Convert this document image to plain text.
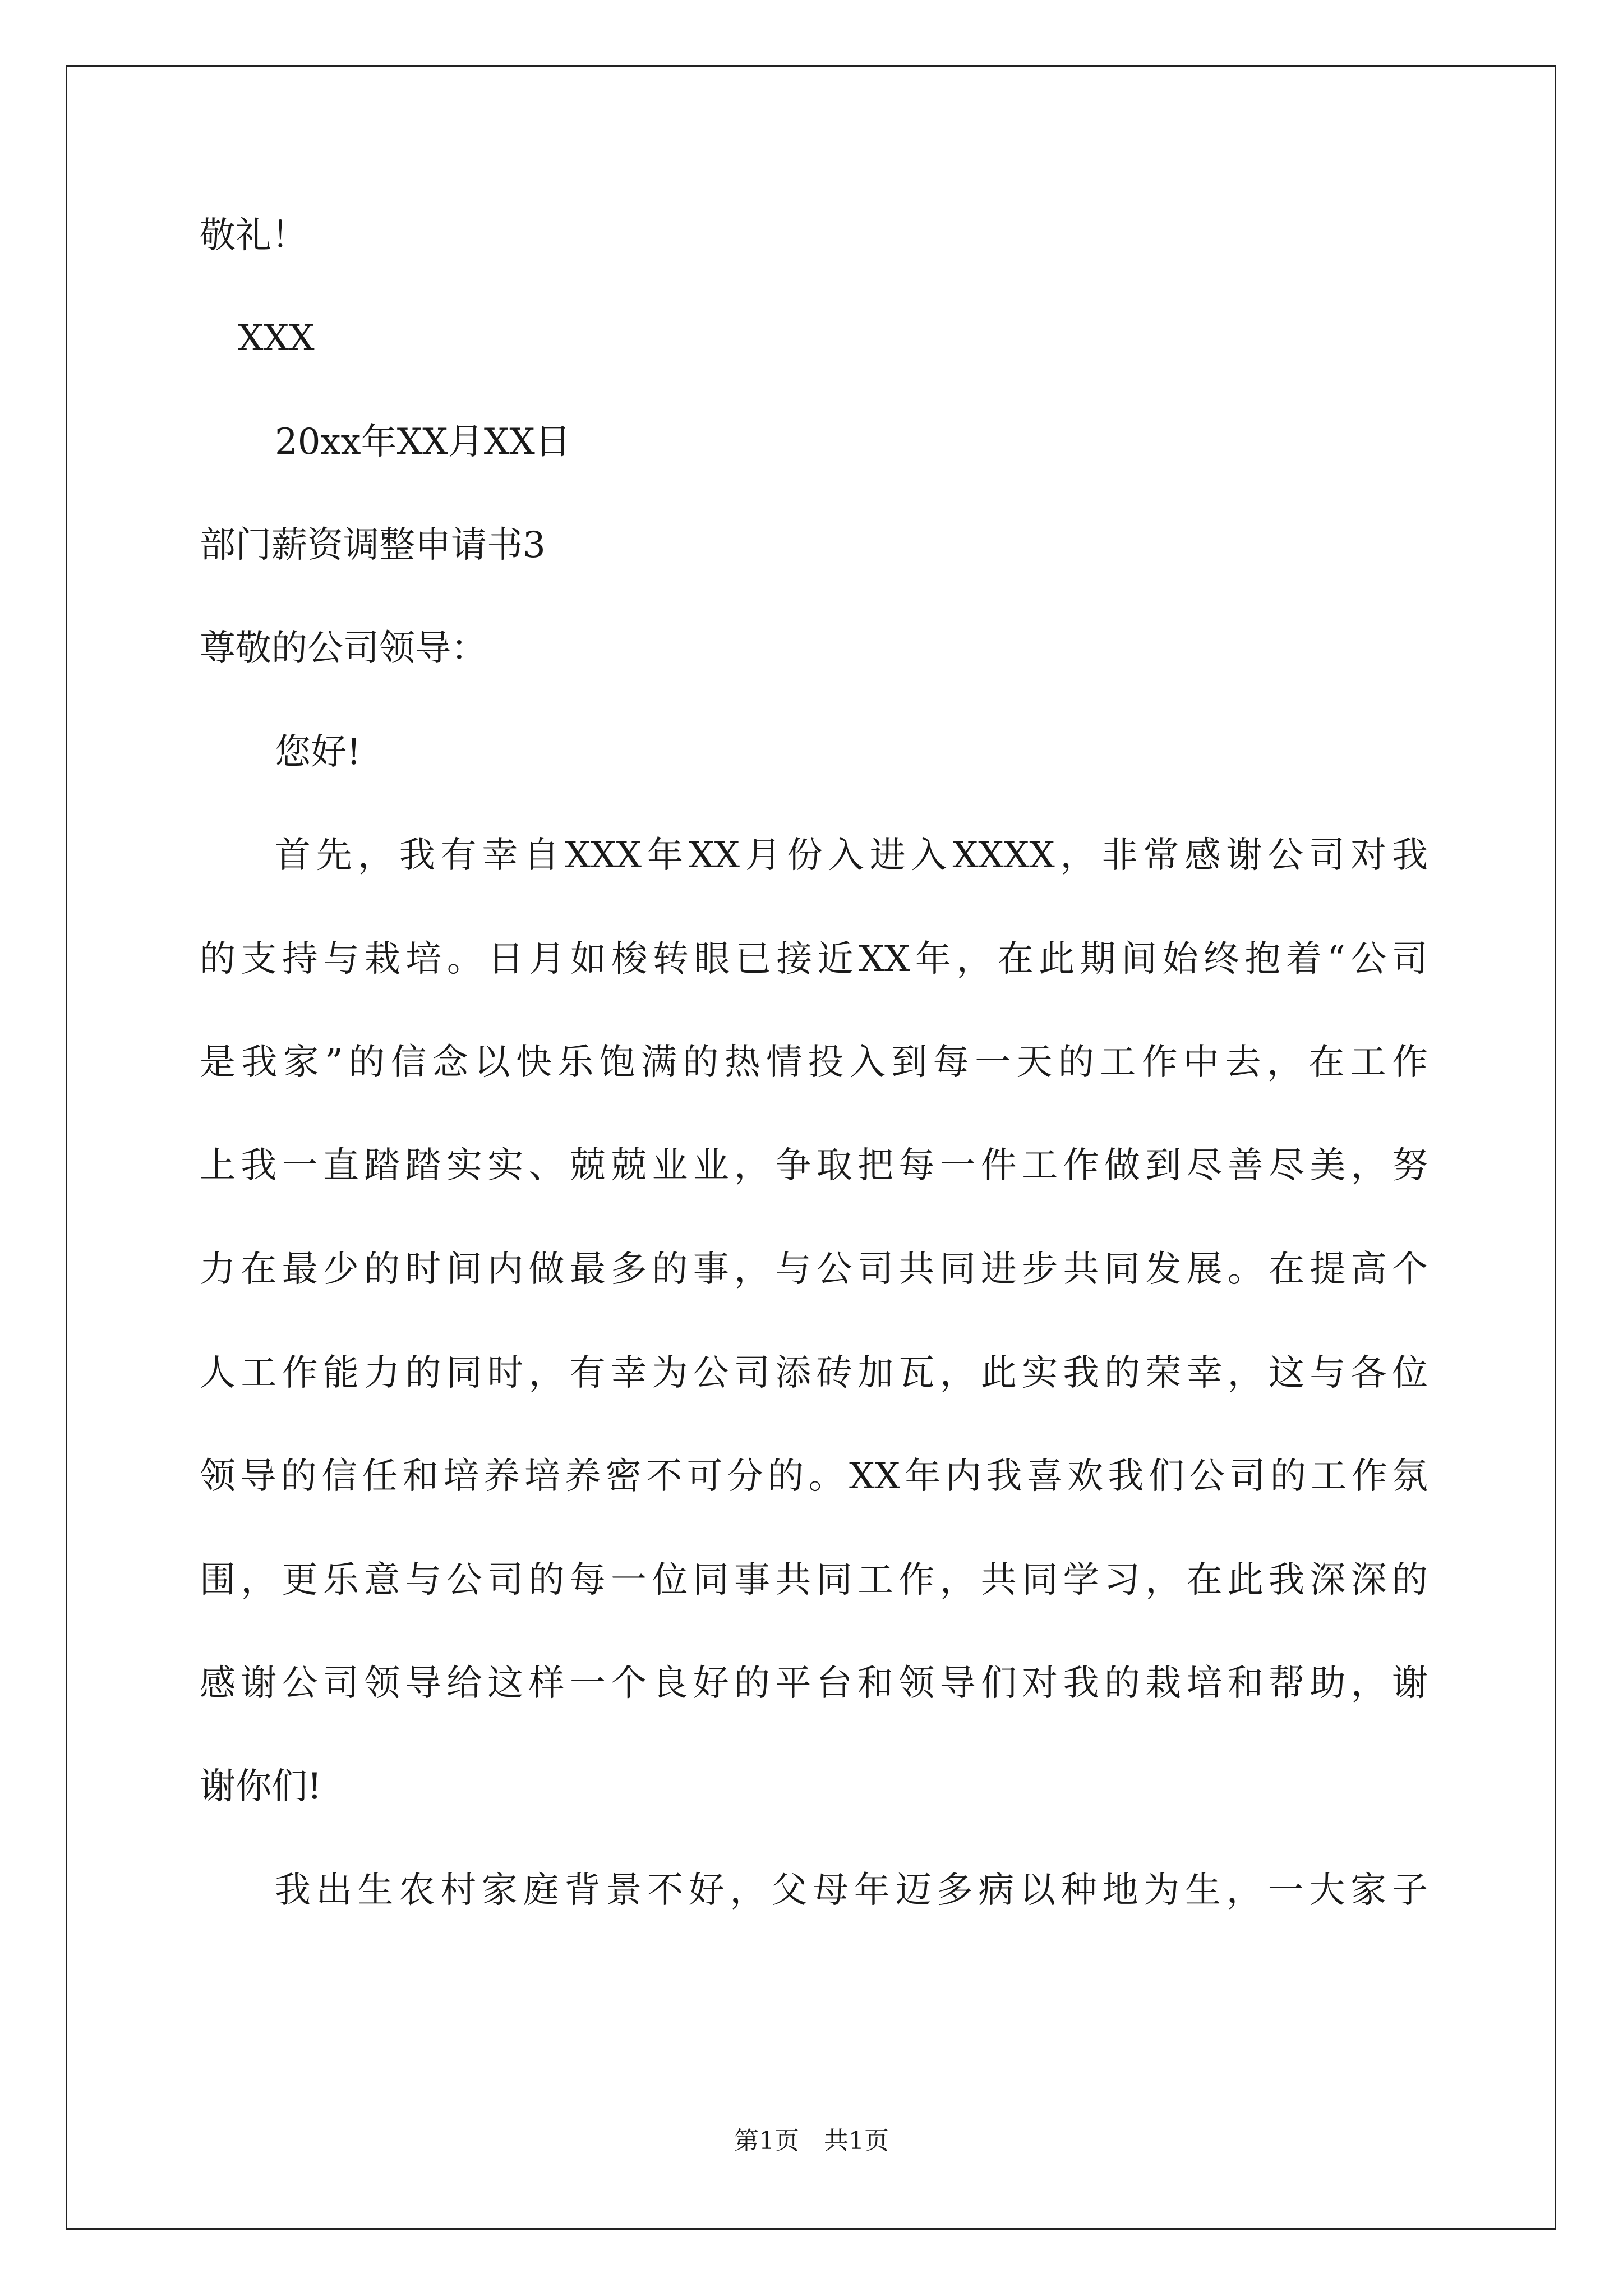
敬礼！
XXX
20xx年XX月XX日
部门薪资调整申请书3
尊敬的公司领导：
您好!
首先，我有幸自XXX年XX月份入进入XXXX，非常感谢公司对我
的支持与栽培。日月如梭转眼已接近XX年，在此期间始终抱着“公司
是我家”的信念以快乐饱满的热情投入到每一天的工作中去，在工作
上我一直踏踏实实、兢兢业业，争取把每一件工作做到尽善尽美，努
力在最少的时间内做最多的事，与公司共同进步共同发展。在提高个
人工作能力的同时，有幸为公司添砖加瓦，此实我的荣幸，这与各位
领导的信任和培养培养密不可分的。XX年内我喜欢我们公司的工作氛
围，更乐意与公司的每一位同事共同工作，共同学习，在此我深深的
感谢公司领导给这样一个良好的平台和领导们对我的栽培和帮助，谢
谢你们!
我出生农村家庭背景不好，父母年迈多病以种地为生，一大家子
第1页　共1页
